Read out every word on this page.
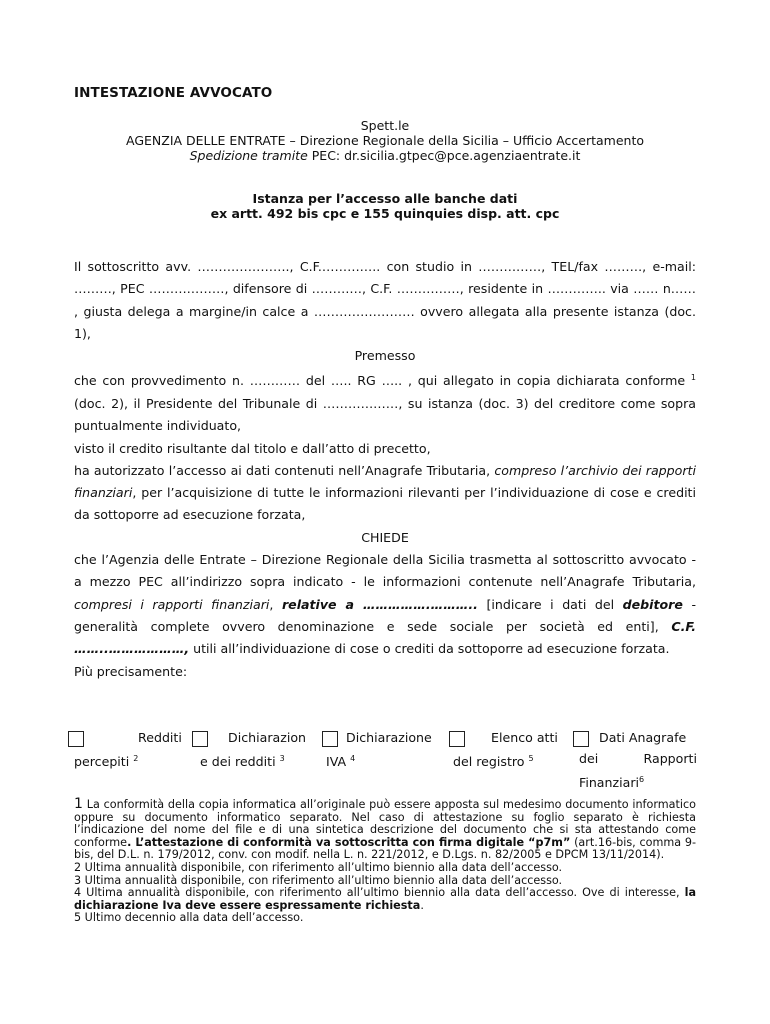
INTESTAZIONE AVVOCATO
Spett.le
AGENZIA DELLE ENTRATE – Direzione Regionale della Sicilia – Ufficio Accertamento
Spedizione tramite PEC: dr.sicilia.gtpec@pce.agenziaentrate.it
Istanza per l’accesso alle banche dati
ex artt. 492 bis cpc e 155 quinquies disp. att. cpc

Il sottoscritto avv. …………………., C.F.………….. con studio in ……………, TEL/fax ………, e-mail: ………, PEC ………………, difensore di …………, C.F. ……………, residente in ………….. via …… n…… , giusta delega a margine/in calce a …………………… ovvero allegata alla presente istanza (doc. 1),

Premesso

che con provvedimento n. ………… del ….. RG ….. , qui allegato in copia dichiarata conforme $^1$ (doc. 2), il Presidente del Tribunale di ………………, su istanza (doc. 3) del creditore come sopra puntualmente individuato,

visto il credito risultante dal titolo e dall’atto di precetto,

ha autorizzato l’accesso ai dati contenuti nell’Anagrafe Tributaria, compreso l’archivio dei rapporti finanziari, per l’acquisizione di tutte le informazioni rilevanti per l’individuazione di cose e crediti da sottoporre ad esecuzione forzata,

CHIEDE

che l’Agenzia delle Entrate – Direzione Regionale della Sicilia trasmetta al sottoscritto avvocato - a mezzo PEC all’indirizzo sopra indicato - le informazioni contenute nell’Anagrafe Tributaria, compresi i rapporti finanziari, relative a …………….……….. [indicare i dati del debitore - generalità complete ovvero denominazione e sede sociale per società ed enti], C.F. ……..………………, utili all’individuazione di cose o crediti da sottoporre ad esecuzione forzata.

Più precisamente:

Redditi
percepiti $^2$
Dichiarazion
e dei redditi $^3$
Dichiarazione
IVA $^4$
Elenco atti
del registro $^5$
Dati Anagrafe
dei	Rapporti

Finanziari$^6$

1 La conformità della copia informatica all’originale può essere apposta sul medesimo documento informatico oppure su documento informatico separato. Nel caso di attestazione su foglio separato è richiesta l’indicazione del nome del file e di una sintetica descrizione del documento che si sta attestando come conforme. L’attestazione di conformità va sottoscritta con firma digitale “p7m” (art.16-bis, comma 9-bis, del D.L. n. 179/2012, conv. con modif. nella L. n. 221/2012, e D.Lgs. n. 82/2005 e DPCM 13/11/2014).

2 Ultima annualità disponibile, con riferimento all’ultimo biennio alla data dell’accesso.

3 Ultima annualità disponibile, con riferimento all’ultimo biennio alla data dell’accesso.

4 Ultima annualità disponibile, con riferimento all’ultimo biennio alla data dell’accesso. Ove di interesse, la dichiarazione Iva deve essere espressamente richiesta.

5 Ultimo decennio alla data dell’accesso.
